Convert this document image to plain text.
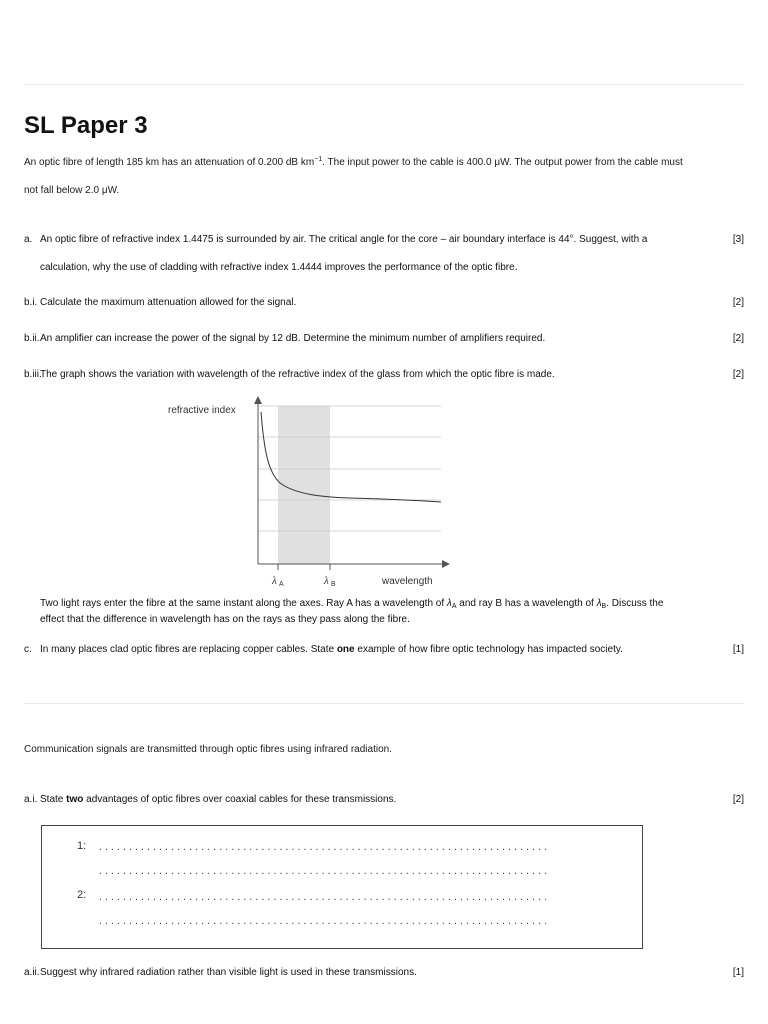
SL Paper 3
An optic fibre of length 185 km has an attenuation of 0.200 dB $km^{-1}$. The input power to the cable is 400.0 μW. The output power from the cable must
not fall below 2.0 μW.
a. An optic fibre of refractive index 1.4475 is surrounded by air. The critical angle for the core – air boundary interface is 44°. Suggest, with a
calculation, why the use of cladding with refractive index 1.4444 improves the performance of the optic fibre.
[3]
b.i. Calculate the maximum attenuation allowed for the signal.	[2]
b.ii. An amplifier can increase the power of the signal by 12 dB. Determine the minimum number of amplifiers required.	[2]
b.iii.
The graph shows the variation with wavelength of the refractive index of the glass from which the optic fibre is made.	[2]
refractive index
wavelength
λ A	λ B
Two light rays enter the fibre at the same instant along the axes. Ray A has a wavelength of $\lambda_A$ and ray B has a wavelength of $\lambda_B$. Discuss the
effect that the difference in wavelength has on the rays as they pass along the fibre.
c. In many places clad optic fibres are replacing copper cables. State one example of how fibre optic technology has impacted society.	[1]
Communication signals are transmitted through optic fibres using infrared radiation.
a.i. State two advantages of optic fibres over coaxial cables for these transmissions.	[2]
1: ...........................................................................
...........................................................................
2: ...........................................................................
...........................................................................
a.ii. Suggest why infrared radiation rather than visible light is used in these transmissions.	[1]
